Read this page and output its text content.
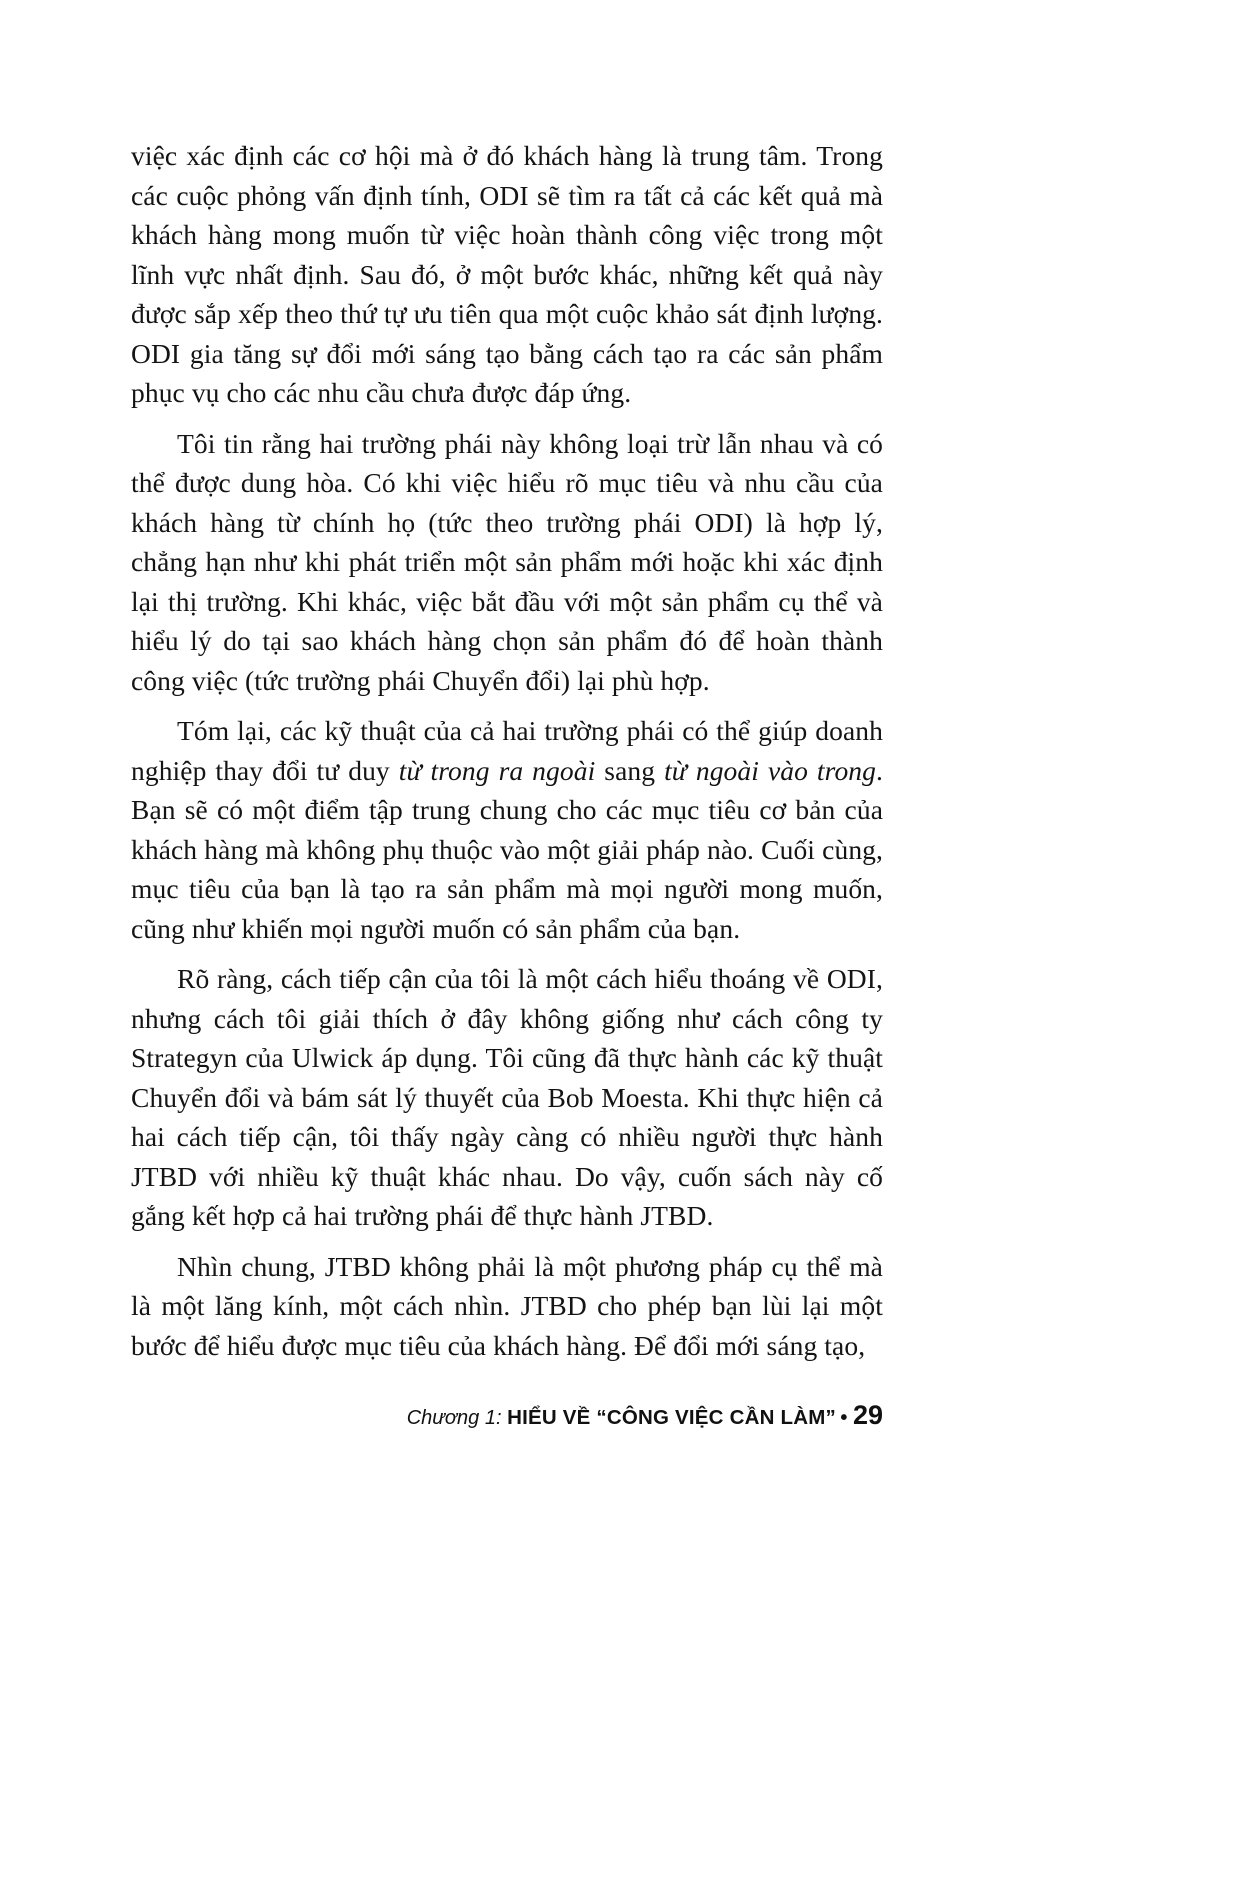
việc xác định các cơ hội mà ở đó khách hàng là trung tâm. Trong các cuộc phỏng vấn định tính, ODI sẽ tìm ra tất cả các kết quả mà khách hàng mong muốn từ việc hoàn thành công việc trong một lĩnh vực nhất định. Sau đó, ở một bước khác, những kết quả này được sắp xếp theo thứ tự ưu tiên qua một cuộc khảo sát định lượng. ODI gia tăng sự đổi mới sáng tạo bằng cách tạo ra các sản phẩm phục vụ cho các nhu cầu chưa được đáp ứng.

Tôi tin rằng hai trường phái này không loại trừ lẫn nhau và có thể được dung hòa. Có khi việc hiểu rõ mục tiêu và nhu cầu của khách hàng từ chính họ (tức theo trường phái ODI) là hợp lý, chẳng hạn như khi phát triển một sản phẩm mới hoặc khi xác định lại thị trường. Khi khác, việc bắt đầu với một sản phẩm cụ thể và hiểu lý do tại sao khách hàng chọn sản phẩm đó để hoàn thành công việc (tức trường phái Chuyển đổi) lại phù hợp.

Tóm lại, các kỹ thuật của cả hai trường phái có thể giúp doanh nghiệp thay đổi tư duy từ trong ra ngoài sang từ ngoài vào trong. Bạn sẽ có một điểm tập trung chung cho các mục tiêu cơ bản của khách hàng mà không phụ thuộc vào một giải pháp nào. Cuối cùng, mục tiêu của bạn là tạo ra sản phẩm mà mọi người mong muốn, cũng như khiến mọi người muốn có sản phẩm của bạn.

Rõ ràng, cách tiếp cận của tôi là một cách hiểu thoáng về ODI, nhưng cách tôi giải thích ở đây không giống như cách công ty Strategyn của Ulwick áp dụng. Tôi cũng đã thực hành các kỹ thuật Chuyển đổi và bám sát lý thuyết của Bob Moesta. Khi thực hiện cả hai cách tiếp cận, tôi thấy ngày càng có nhiều người thực hành JTBD với nhiều kỹ thuật khác nhau. Do vậy, cuốn sách này cố gắng kết hợp cả hai trường phái để thực hành JTBD.

Nhìn chung, JTBD không phải là một phương pháp cụ thể mà là một lăng kính, một cách nhìn. JTBD cho phép bạn lùi lại một bước để hiểu được mục tiêu của khách hàng. Để đổi mới sáng tạo,

Chương 1: HIỂU VỀ “CÔNG VIỆC CẦN LÀM” • 29
